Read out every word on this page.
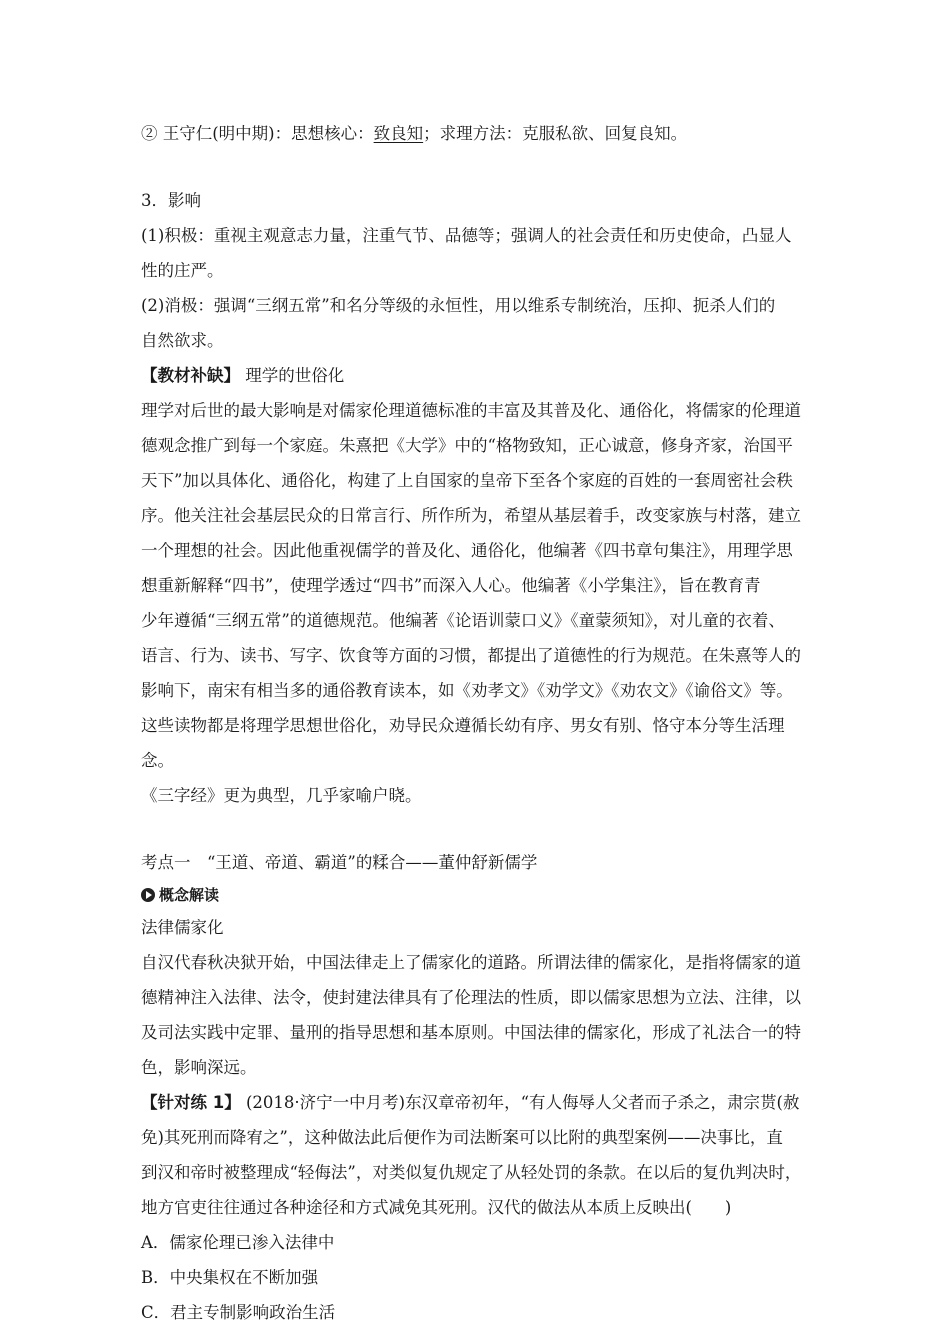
② 王守仁(明中期)：思想核心：致良知；求理方法：克服私欲、回复良知。

3．影响

(1)积极：重视主观意志力量，注重气节、品德等；强调人的社会责任和历史使命，凸显人

性的庄严。

(2)消极：强调“三纲五常”和名分等级的永恒性，用以维系专制统治，压抑、扼杀人们的

自然欲求。

【教材补缺】 理学的世俗化

理学对后世的最大影响是对儒家伦理道德标准的丰富及其普及化、通俗化，将儒家的伦理道

德观念推广到每一个家庭。朱熹把《大学》中的“格物致知，正心诚意，修身齐家，治国平

天下”加以具体化、通俗化，构建了上自国家的皇帝下至各个家庭的百姓的一套周密社会秩

序。他关注社会基层民众的日常言行、所作所为，希望从基层着手，改变家族与村落，建立

一个理想的社会。因此他重视儒学的普及化、通俗化，他编著《四书章句集注》，用理学思

想重新解释“四书”，使理学透过“四书”而深入人心。他编著《小学集注》，旨在教育青

少年遵循“三纲五常”的道德规范。他编著《论语训蒙口义》《童蒙须知》，对儿童的衣着、

语言、行为、读书、写字、饮食等方面的习惯，都提出了道德性的行为规范。在朱熹等人的

影响下，南宋有相当多的通俗教育读本，如《劝孝文》《劝学文》《劝农文》《谕俗文》等。

这些读物都是将理学思想世俗化，劝导民众遵循长幼有序、男女有别、恪守本分等生活理念。

《三字经》更为典型，几乎家喻户晓。

考点一　“王道、帝道、霸道”的糅合——董仲舒新儒学

概念解读

法律儒家化

自汉代春秋决狱开始，中国法律走上了儒家化的道路。所谓法律的儒家化，是指将儒家的道

德精神注入法律、法令，使封建法律具有了伦理法的性质，即以儒家思想为立法、注律，以

及司法实践中定罪、量刑的指导思想和基本原则。中国法律的儒家化，形成了礼法合一的特

色，影响深远。

【针对练 1】 (2018·济宁一中月考)东汉章帝初年，“有人侮辱人父者而子杀之，肃宗贳(赦

免)其死刑而降宥之”，这种做法此后便作为司法断案可以比附的典型案例——决事比，直

到汉和帝时被整理成“轻侮法”，对类似复仇规定了从轻处罚的条款。在以后的复仇判决时，

地方官吏往往通过各种途径和方式减免其死刑。汉代的做法从本质上反映出(　　)

A．儒家伦理已渗入法律中

B．中央集权在不断加强

C．君主专制影响政治生活
